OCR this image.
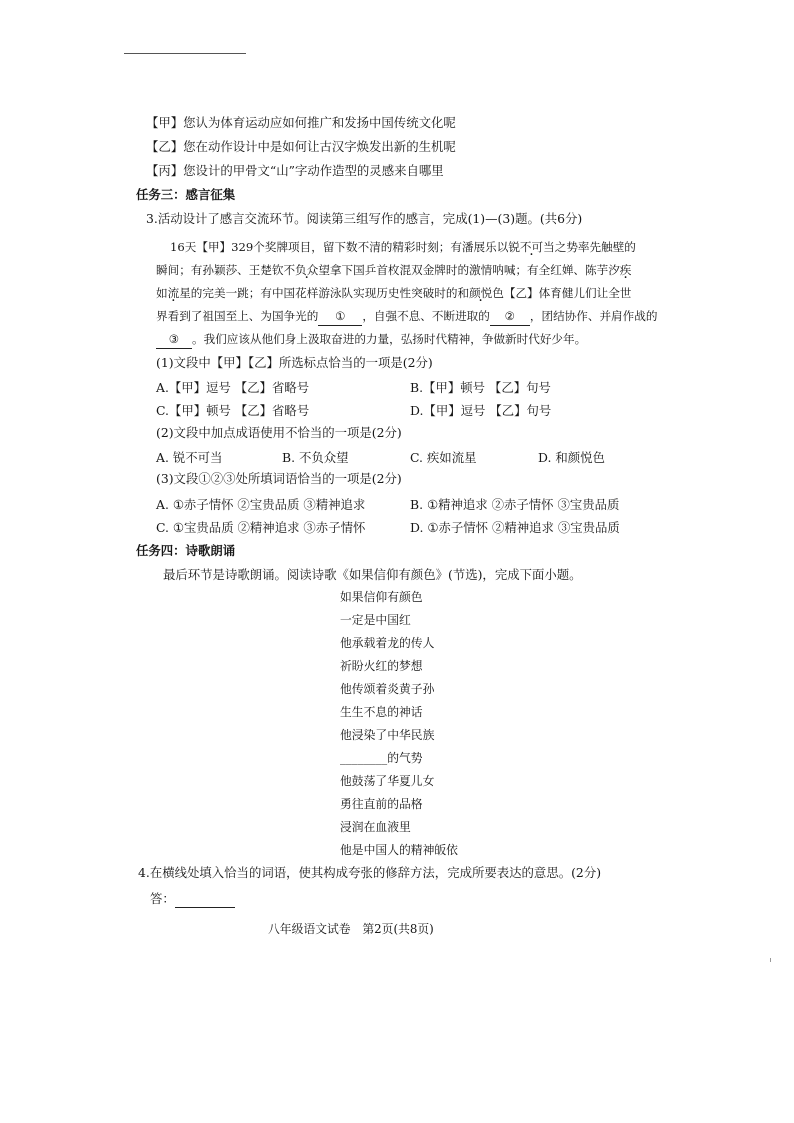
【甲】您认为体育运动应如何推广和发扬中国传统文化呢
【乙】您在动作设计中是如何让古汉字焕发出新的生机呢
【丙】您设计的甲骨文“山”字动作造型的灵感来自哪里
任务三：感言征集
3.活动设计了感言交流环节。阅读第三组写作的感言，完成(1)—(3)题。(共6分)
16天【甲】329个奖牌项目，留下数不清的精彩时刻；有潘展乐以锐不可当之势率先触壁的
瞬间；有孙颖莎、王楚钦不负众望拿下国乒首枚混双金牌时的激情呐喊；有全红婵、陈芋汐疾
如流星的完美一跳；有中国花样游泳队实现历史性突破时的和颜悦色【乙】体育健儿们让全世
界看到了祖国至上、为国争光的 ① ，自强不息、不断进取的 ② ，团结协作、并肩作战的
③ 。我们应该从他们身上汲取奋进的力量，弘扬时代精神，争做新时代好少年。
(1)文段中【甲】【乙】所选标点恰当的一项是(2分)
A.【甲】逗号 【乙】省略号	B.【甲】顿号 【乙】句号
C.【甲】顿号 【乙】省略号	D.【甲】逗号 【乙】句号
(2)文段中加点成语使用不恰当的一项是(2分)
A. 锐不可当	B. 不负众望	C. 疾如流星	D. 和颜悦色
(3)文段①②③处所填词语恰当的一项是(2分)
A. ①赤子情怀 ②宝贵品质 ③精神追求	B. ①精神追求 ②赤子情怀 ③宝贵品质
C. ①宝贵品质 ②精神追求 ③赤子情怀	D. ①赤子情怀 ②精神追求 ③宝贵品质
任务四：诗歌朗诵
最后环节是诗歌朗诵。阅读诗歌《如果信仰有颜色》(节选)，完成下面小题。
如果信仰有颜色
一定是中国红
他承载着龙的传人
祈盼火红的梦想
他传颂着炎黄子孙
生生不息的神话
他浸染了中华民族
________的气势
他鼓荡了华夏儿女
勇往直前的品格
浸润在血液里
他是中国人的精神皈依
4.在横线处填入恰当的词语，使其构成夸张的修辞方法，完成所要表达的意思。(2分)
答：
八年级语文试卷　第2页(共8页)
